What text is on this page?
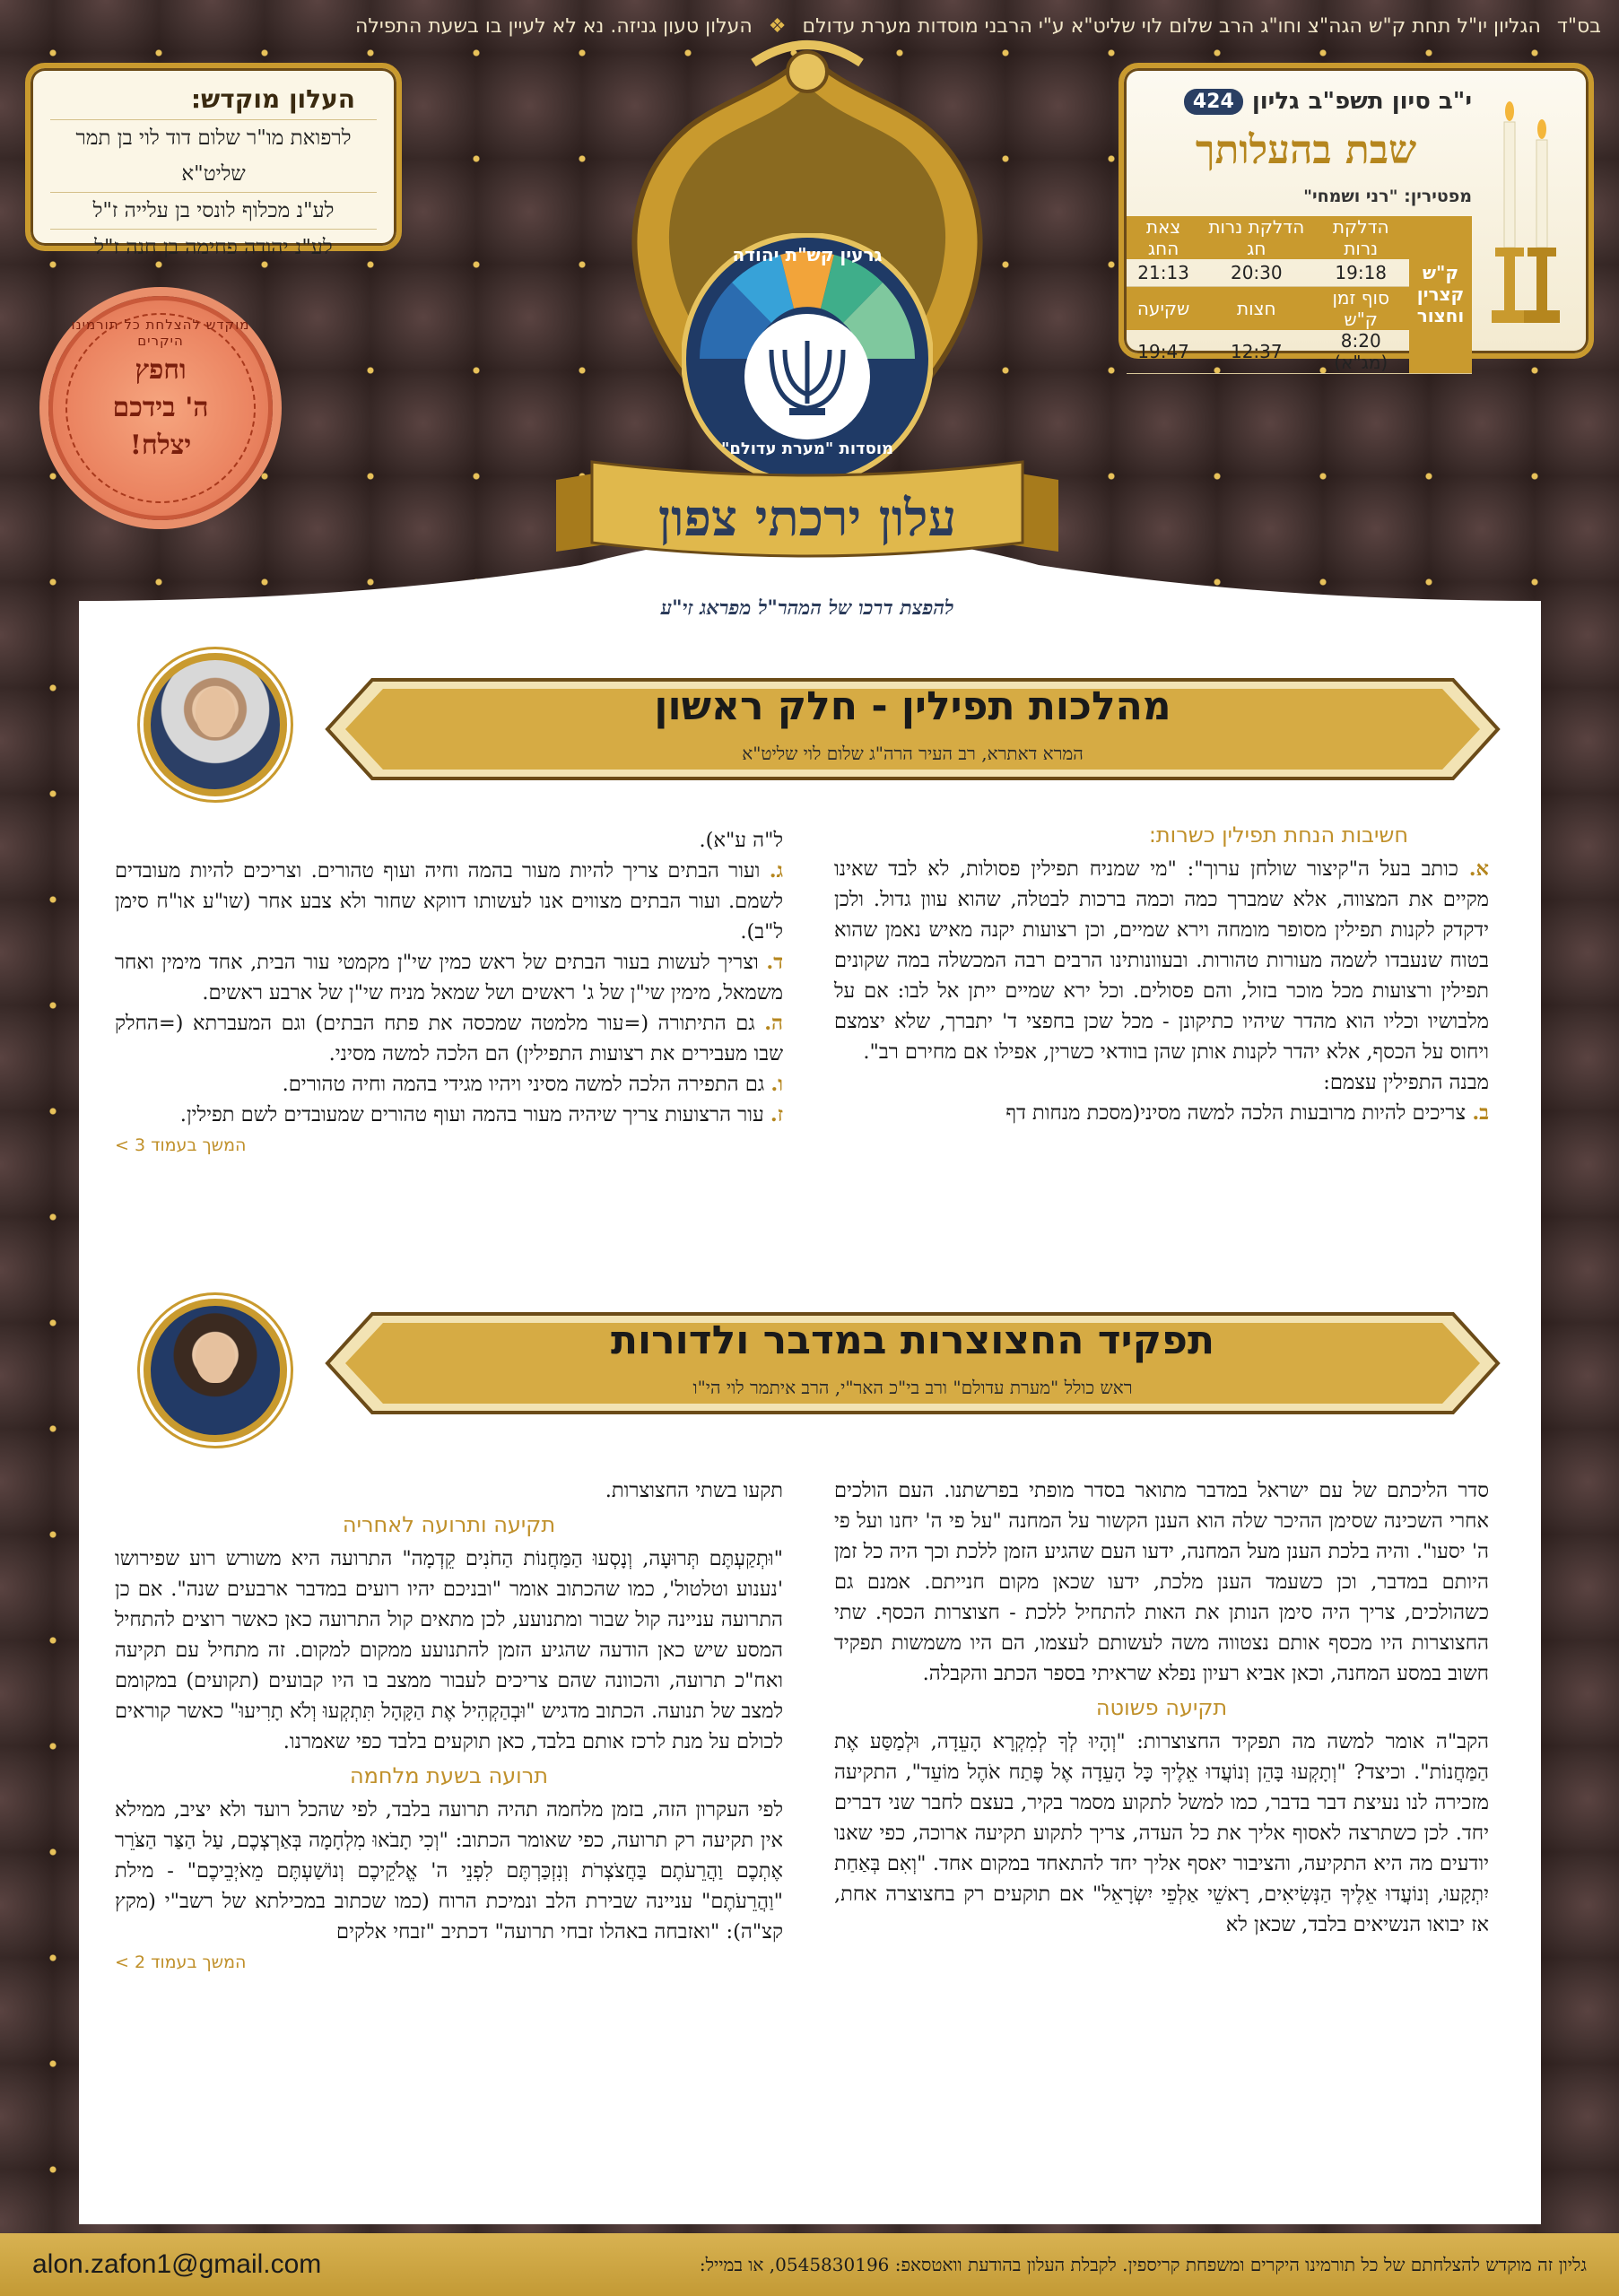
בס"ד
הגליון יו"ל תחת ק"ש הגה"צ וחו"ג הרב שלום לוי שליט"א ע"י הרבני מוסדות מערת עדולם
❖
העלון טעון גניזה. נא לא לעיין בו בשעת התפילה
העלון מוקדש:
לרפואת מו"ר שלום דוד לוי בן תמר שליט"א
לע"נ מכלוף לונסי בן עלייה ז"ל
לע"נ יהודה פחימה בן חנה ז"ל
מוקדש להצלחת כל תורמינו היקרים
וחפץ
ה' בידכם
יצלח!
י"ב סיון תשפ"ב
גליון
424
שבת בהעלותך
מפטירין: "רני ושמחי"
ק"ש קצרין וחצור	הדלקת נרות	הדלקת נרות חג	צאת החג
	19:18	20:30	21:13
	סוף זמן ק"ש	חצות	שקיעה
	8:20 (מג"א)	12:37	19:47
גרעין קש"ת יהודה
מוסדות "מערת עדולם"
עלון ירכתי צפון
להפצת דרכו של המהר"ל מפראג זי"ע
מהלכות תפילין - חלק ראשון
המרא דאתרא, רב העיר הרה"ג שלום לוי שליט"א

חשיבות הנחת תפילין כשרות:

א. כותב בעל ה"קיצור שולחן ערוך": "מי שמניח תפילין פסולות, לא לבד שאינו מקיים את המצווה, אלא שמברך כמה וכמה ברכות לבטלה, שהוא עוון גדול. ולכן ידקדק לקנות תפילין מסופר מומחה וירא שמיים, וכן רצועות יקנה מאיש נאמן שהוא בטוח שנעבדו לשמה מעורות טהורות. ובעוונותינו הרבים רבה המכשלה במה שקונים תפילין ורצועות מכל מוכר בזול, והם פסולים. וכל ירא שמיים ייתן אל לבו: אם על מלבושיו וכליו הוא מהדר שיהיו כתיקונן - מכל שכן בחפצי ד' יתברך, שלא יצמצם ויחוס על הכסף, אלא יהדר לקנות אותן שהן בוודאי כשרין, אפילו אם מחירם רב".

מבנה התפילין עצמם:

ב. צריכים להיות מרובעות הלכה למשה מסיני(מסכת מנחות דף

ל"ה ע"א).

ג. ועור הבתים צריך להיות מעור בהמה וחיה ועוף טהורים. וצריכים להיות מעובדים לשמם. ועור הבתים מצווים אנו לעשותו דווקא שחור ולא צבע אחר (שו"ע או"ח סימן ל"ב).

ד. וצריך לעשות בעור הבתים של ראש כמין שי"ן מקמטי עור הבית, אחד מימין ואחר משמאל, מימין שי"ן של ג' ראשים ושל שמאל מניח שי"ן של ארבע ראשים.

ה. גם התיתורה (=עור מלמטה שמכסה את פתח הבתים) וגם המעברתא (=החלק שבו מעבירים את רצועות התפילין) הם הלכה למשה מסיני.

ו. גם התפירה הלכה למשה מסיני ויהיו מגידי בהמה וחיה טהורים.

ז. עור הרצועות צריך שיהיה מעור בהמה ועוף טהורים שמעובדים לשם תפילין.

המשך בעמוד 3 >

תפקיד החצוצרות במדבר ולדורות
ראש כולל "מערת עדולם" ורב בי"כ האר"י, הרב איתמר לוי הי"ו

סדר הליכתם של עם ישראל במדבר מתואר בסדר מופתי בפרשתנו. העם הולכים אחרי השכינה שסימן ההיכר שלה הוא הענן הקשור על המחנה "על פי ה' יחנו ועל פי ה' יסעו". והיה בלכת הענן מעל המחנה, ידעו העם שהגיע הזמן ללכת וכך היה כל זמן היותם במדבר, וכן כשעמד הענן מלכת, ידעו שכאן מקום חנייתם. אמנם גם כשהולכים, צריך היה סימן הנותן את האות להתחיל ללכת - חצוצרות הכסף. שתי החצוצרות היו מכסף אותם נצטווה משה לעשותם לעצמו, הם היו משמשות תפקיד חשוב במסע המחנה, וכאן אביא רעיון נפלא שראיתי בספר הכתב והקבלה.

תקיעה פשוטה

הקב"ה אומר למשה מה תפקיד החצוצרות: "וְהָיוּ לְךָ לְמִקְרָא הָעֵדָה, וּלְמַסַּע אֶת הַמַּחֲנוֹת". וכיצד? "וְתָקְעוּ בָּהֵן וְנוֹעֲדוּ אֵלֶיךָ כָּל הָעֵדָה אֶל פֶּתַח אֹהֶל מוֹעֵד", התקיעה מזכירה לנו נעיצת דבר בדבר, כמו למשל לתקוע מסמר בקיר, בעצם לחבר שני דברים יחד. לכן כשתרצה לאסוף אליך את כל העדה, צריך לתקוע תקיעה ארוכה, כפי שאנו יודעים מה היא התקיעה, והציבור יאסף אליך יחד להתאחד במקום אחד. "וְאִם בְּאַחַת יִתְקָעוּ, וְנוֹעֲדוּ אֵלֶיךָ הַנְּשִׂיאִים, רָאשֵׁי אַלְפֵי יִשְׂרָאֵל" אם תוקעים רק בחצוצרה אחת, אז יבואו הנשיאים בלבד, שכאן לא

תקעו בשתי החצוצרות.

תקיעה ותרועה לאחריה

"וּתְקַעְתֶּם תְּרוּעָה, וְנָסְעוּ הַמַּחֲנוֹת הַחֹנִים קֵדְמָה" התרועה היא משורש רוע שפירושו 'נענוע וטלטול', כמו שהכתוב אומר "ובניכם יהיו רועים במדבר ארבעים שנה". אם כן התרועה עניינה קול שבור ומתנועע, לכן מתאים קול התרועה כאן כאשר רוצים להתחיל המסע שיש כאן הודעה שהגיע הזמן להתנועע ממקום למקום. זה מתחיל עם תקיעה ואח"כ תרועה, והכוונה שהם צריכים לעבור ממצב בו היו קבועים (תקועים) במקומם למצב של תנועה. הכתוב מדגיש "וּבְהַקְהִיל אֶת הַקָּהָל תִּתְקְעוּ וְלֹא תָרִיעוּ" כאשר קוראים לכולם על מנת לרכז אותם בלבד, כאן תוקעים בלבד כפי שאמרנו.

תרועה בשעת מלחמה

לפי העקרון הזה, בזמן מלחמה תהיה תרועה בלבד, לפי שהכל רועד ולא יציב, ממילא אין תקיעה רק תרועה, כפי שאומר הכתוב: "וְכִי תָבֹאוּ מִלְחָמָה בְּאַרְצְכֶם, עַל הַצַּר הַצֹּרֵר אֶתְכֶם וַהֲרֵעֹתֶם בַּחֲצֹצְרֹת וְנִזְכַּרְתֶּם לִפְנֵי ה' אֱלֹקֵיכֶם וְנוֹשַׁעְתֶּם מֵאֹיְבֵיכֶם" - מילת "וַהֲרֵעֹתֶם" עניינה שבירת הלב ונמיכת הרוח (כמו שכתוב במכילתא של רשב"י (מקץ קצ"ה): "ואזבחה באהלו זבחי תרועה" דכתיב "זבחי אלקים

המשך בעמוד 2 >

גליון זה מוקדש להצלחתם של כל תורמינו היקרים ומשפחת קריספין. לקבלת העלון בהודעת וואטסאפ: 0545830196, או במייל:
alon.zafon1@gmail.com
